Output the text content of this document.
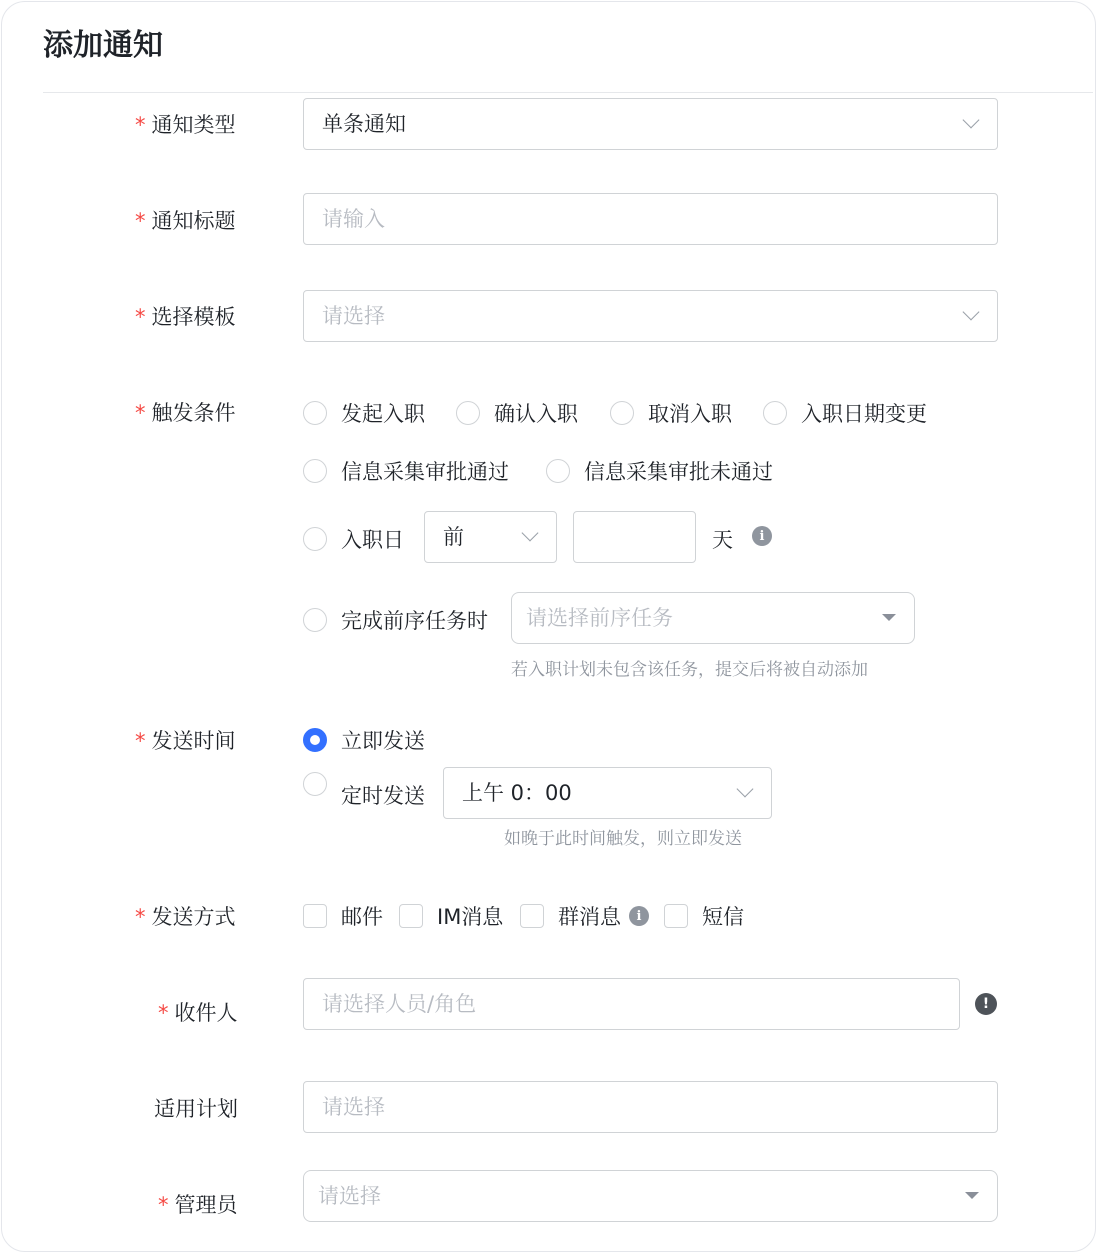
添加通知
* 通知类型	单条通知
* 通知标题	请输入
* 选择模板	请选择
* 触发条件	发起入职	确认入职	取消入职	入职日期变更
信息采集审批通过	信息采集审批未通过
入职日	前	天	i
完成前序任务时	请选择前序任务
若入职计划未包含该任务，提交后将被自动添加
* 发送时间	立即发送
定时发送	上午 0：00
如晚于此时间触发，则立即发送
* 发送方式	邮件	IM消息	群消息	i	短信
* 收件人	请选择人员/角色	!
适用计划	请选择
* 管理员	请选择
